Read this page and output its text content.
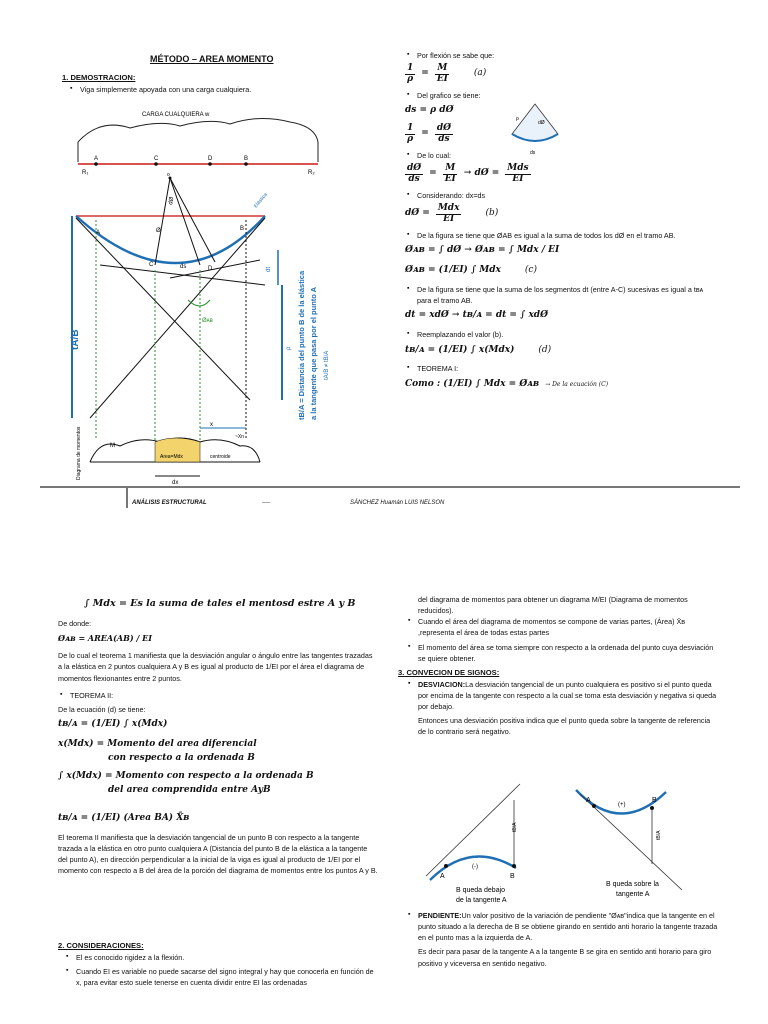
MÉTODO – AREA MOMENTO
1. DEMOSTRACION:
▪ Viga simplemente apoyada con una carga cualquiera.
CARGA CUALQUIERA w
A	C	D	B
R₁	R₂
Elástica
A
B
o
dØ
Ø
C	ds	D
Øᴀʙ
tA/B
dt
ρ tB/A = Distancia del punto B de la elástica a la tangente que pasa por el punto A tA/B ≠ tB/A
M
Area=Mdx	centroide
x
~Xn
dx
Diagrama de momentos
▪ Por flexión se sabe que:
$\frac{1}{\rho} = \frac{M}{EI}$	(a)
▪ Del grafico se tiene:
ds = ρ dØ
$\frac{1}{\rho} = \frac{dØ}{ds}$
▪ De lo cual:
$\frac{dØ}{ds} = \frac{M}{EI}$ → dØ = $\frac{\text{Mds}}{EI}$
▪ Considerando: dx=ds
dØ = $\frac{\text{Mdx}}{EI}$	(b)
▪ De la figura se tiene que ØAB es igual a la suma de todos los dØ en el tramo AB.
Øᴀʙ = ∫ dØ → Øᴀʙ = ∫ Mdx / EI
Øᴀʙ = (1/EI) ∫ Mdx	(c)
▪ De la figura se tiene que la suma de los segmentos dt (entre A-C) sucesivas es igual a tʙᴀ para el tramo AB.
dt = xdØ → tʙ/ᴀ = dt = ∫ xdØ
▪ Reemplazando el valor (b).
tʙ/ᴀ = (1/EI) ∫ x(Mdx)	(d)
▪ TEOREMA I:
Como : (1/EI) ∫ Mdx = Øᴀʙ → De la ecuación (C)
ρ
dØ
ds
ANÁLISIS ESTRUCTURAL	----	SÁNCHEZ Huamán LUIS NELSON
∫ Mdx = Es la suma de tales el mentosd estre A y B
De donde:
Øᴀʙ = AREA(AB) / EI
De lo cual el teorema 1 manifiesta que la desviación angular o ángulo entre las tangentes trazadas a la elástica en 2 puntos cualquiera A y B es igual al producto de 1/EI por el área el diagrama de momentos flexionantes entre 2 puntos.
▪ TEOREMA II:
De la ecuación (d) se tiene:
tʙ/ᴀ = (1/EI) ∫ x(Mdx)
x(Mdx) = Momento del area diferencial
con respecto a la ordenada B
∫ x(Mdx) = Momento con respecto a la ordenada B
del area comprendida entre AyB
tʙ/ᴀ = (1/EI) (Area BA) X̄ʙ
El teorema II manifiesta que la desviación tangencial de un punto B con respecto a la tangente trazada a la elástica en otro punto cualquiera A (Distancia del punto B de la elástica a la tangente del punto A), en dirección perpendicular a la inicial de la viga es igual al producto de 1/EI por el momento con respecto a B del área de la porción del diagrama de momentos entre los puntos A y B.
2. CONSIDERACIONES:
▪ El es conocido rigidez a la flexión.
▪ Cuando EI es variable no puede sacarse del signo integral y hay que conocerla en función de x, para evitar esto suele tenerse en cuenta dividir entre EI las ordenadas
del diagrama de momentos para obtener un diagrama M/EI (Diagrama de momentos reducidos).
▪ Cuando el área del diagrama de momentos se compone de varias partes, (Área) X̄ʙ ,representa el área de todas estas partes
▪ El momento del área se toma siempre con respecto a la ordenada del punto cuya desviación se quiere obtener.
3. CONVECION DE SIGNOS:
▪ DESVIACION:La desviación tangencial de un punto cualquiera es positivo si el punto queda por encima de la tangente con respecto a la cual se toma esta desviación y negativa si queda por debajo.
Entonces una desviación positiva indica que el punto queda sobre la tangente de referencia de lo contrario será negativo.
tB/A
A	B
(-)
B queda debajo
de la tangente A
tB/A
A	B
(+)
B queda sobre la
tangente A
▪ PENDIENTE:Un valor positivo de la variación de pendiente "Øᴀʙ"indica que la tangente en el punto situado a la derecha de B se obtiene girando en sentido anti horario la tangente trazada en el punto mas a la izquierda de A.
Es decir para pasar de la tangente A a la tangente B se gira en sentido anti horario para giro positivo y viceversa en sentido negativo.
